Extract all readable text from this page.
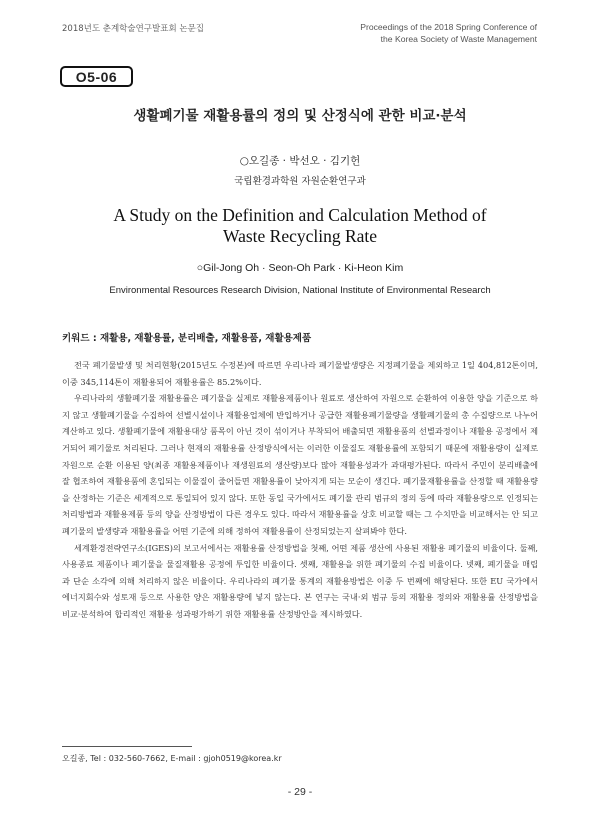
2018년도 춘계학술연구발표회 논문집	Proceedings of the 2018 Spring Conference of
the Korea Society of Waste Management
O5-06
생활폐기물 재활용률의 정의 및 산정식에 관한 비교·분석
○오길종 · 박선오 · 김기헌
국립환경과학원 자원순환연구과
A Study on the Definition and Calculation Method of
Waste Recycling Rate
○Gil-Jong Oh · Seon-Oh Park · Ki-Heon Kim
Environmental Resources Research Division, National Institute of Environmental Research
키워드 : 재활용, 재활용률, 분리배출, 재활용품, 재활용제품

전국 폐기물발생 및 처리현황(2015년도 수정본)에 따르면 우리나라 폐기물발생량은 지정폐기물을 제외하고 1일 404,812톤이며, 이중 345,114톤이 재활용되어 재활용률은 85.2%이다.

우리나라의 생활폐기물 재활용률은 폐기물을 실제로 재활용제품이나 원료로 생산하여 자원으로 순환하여 이용한 양을 기준으로 하지 않고 생활폐기물을 수집하여 선별시설이나 재활용업체에 반입하거나 공급한 재활용폐기물량을 생활폐기물의 총 수집량으로 나누어 계산하고 있다. 생활폐기물에 재활용대상 품목이 아닌 것이 섞이거나 부착되어 배출되면 재활용품의 선별과정이나 재활용 공정에서 제거되어 폐기물로 처리된다. 그러나 현재의 재활용률 산정방식에서는 이러한 이물질도 재활용률에 포함되기 때문에 재활용량이 실제로 자원으로 순환 이용된 양(최종 재활용제품이나 재생원료의 생산량)보다 많아 재활용성과가 과대평가된다. 따라서 주민이 분리배출에 잘 협조하여 재활용품에 혼입되는 이물질이 줄어들면 재활용률이 낮아지게 되는 모순이 생긴다. 폐기물재활용률을 산정할 때 재활용량을 산정하는 기준은 세계적으로 통일되어 있지 않다. 또한 동일 국가에서도 폐기물 관리 범규의 정의 등에 따라 재활용량으로 인정되는 처리방법과 재활용제품 등의 양을 산정방법이 다른 경우도 있다. 따라서 재활용률을 상호 비교할 때는 그 수치만을 비교해서는 안 되고 폐기물의 발생량과 재활용률을 어떤 기준에 의해 정하여 재활용률이 산정되었는지 살펴봐야 한다.

세계환경전략연구소(IGES)의 보고서에서는 재활용률 산정방법을 첫째, 어떤 제품 생산에 사용된 재활용 폐기물의 비율이다. 둘째, 사용종료 제품이나 폐기물을 물질재활용 공정에 투입한 비율이다. 셋째, 재활용을 위한 폐기물의 수집 비율이다. 넷째, 폐기물을 매립과 단순 소각에 의해 처리하지 않은 비율이다. 우리나라의 폐기물 통계의 재활용방법은 이중 두 번째에 해당된다. 또한 EU 국가에서 에너지회수와 성토재 등으로 사용한 양은 재활용량에 넣지 않는다. 본 연구는 국내·외 범규 등의 재활용 정의와 재활용률 산정방법을 비교·분석하여 합리적인 재활용 성과평가하기 위한 재활용률 산정방안을 제시하였다.

오길종, Tel : 032-560-7662, E-mail : gjoh0519@korea.kr
- 29 -
